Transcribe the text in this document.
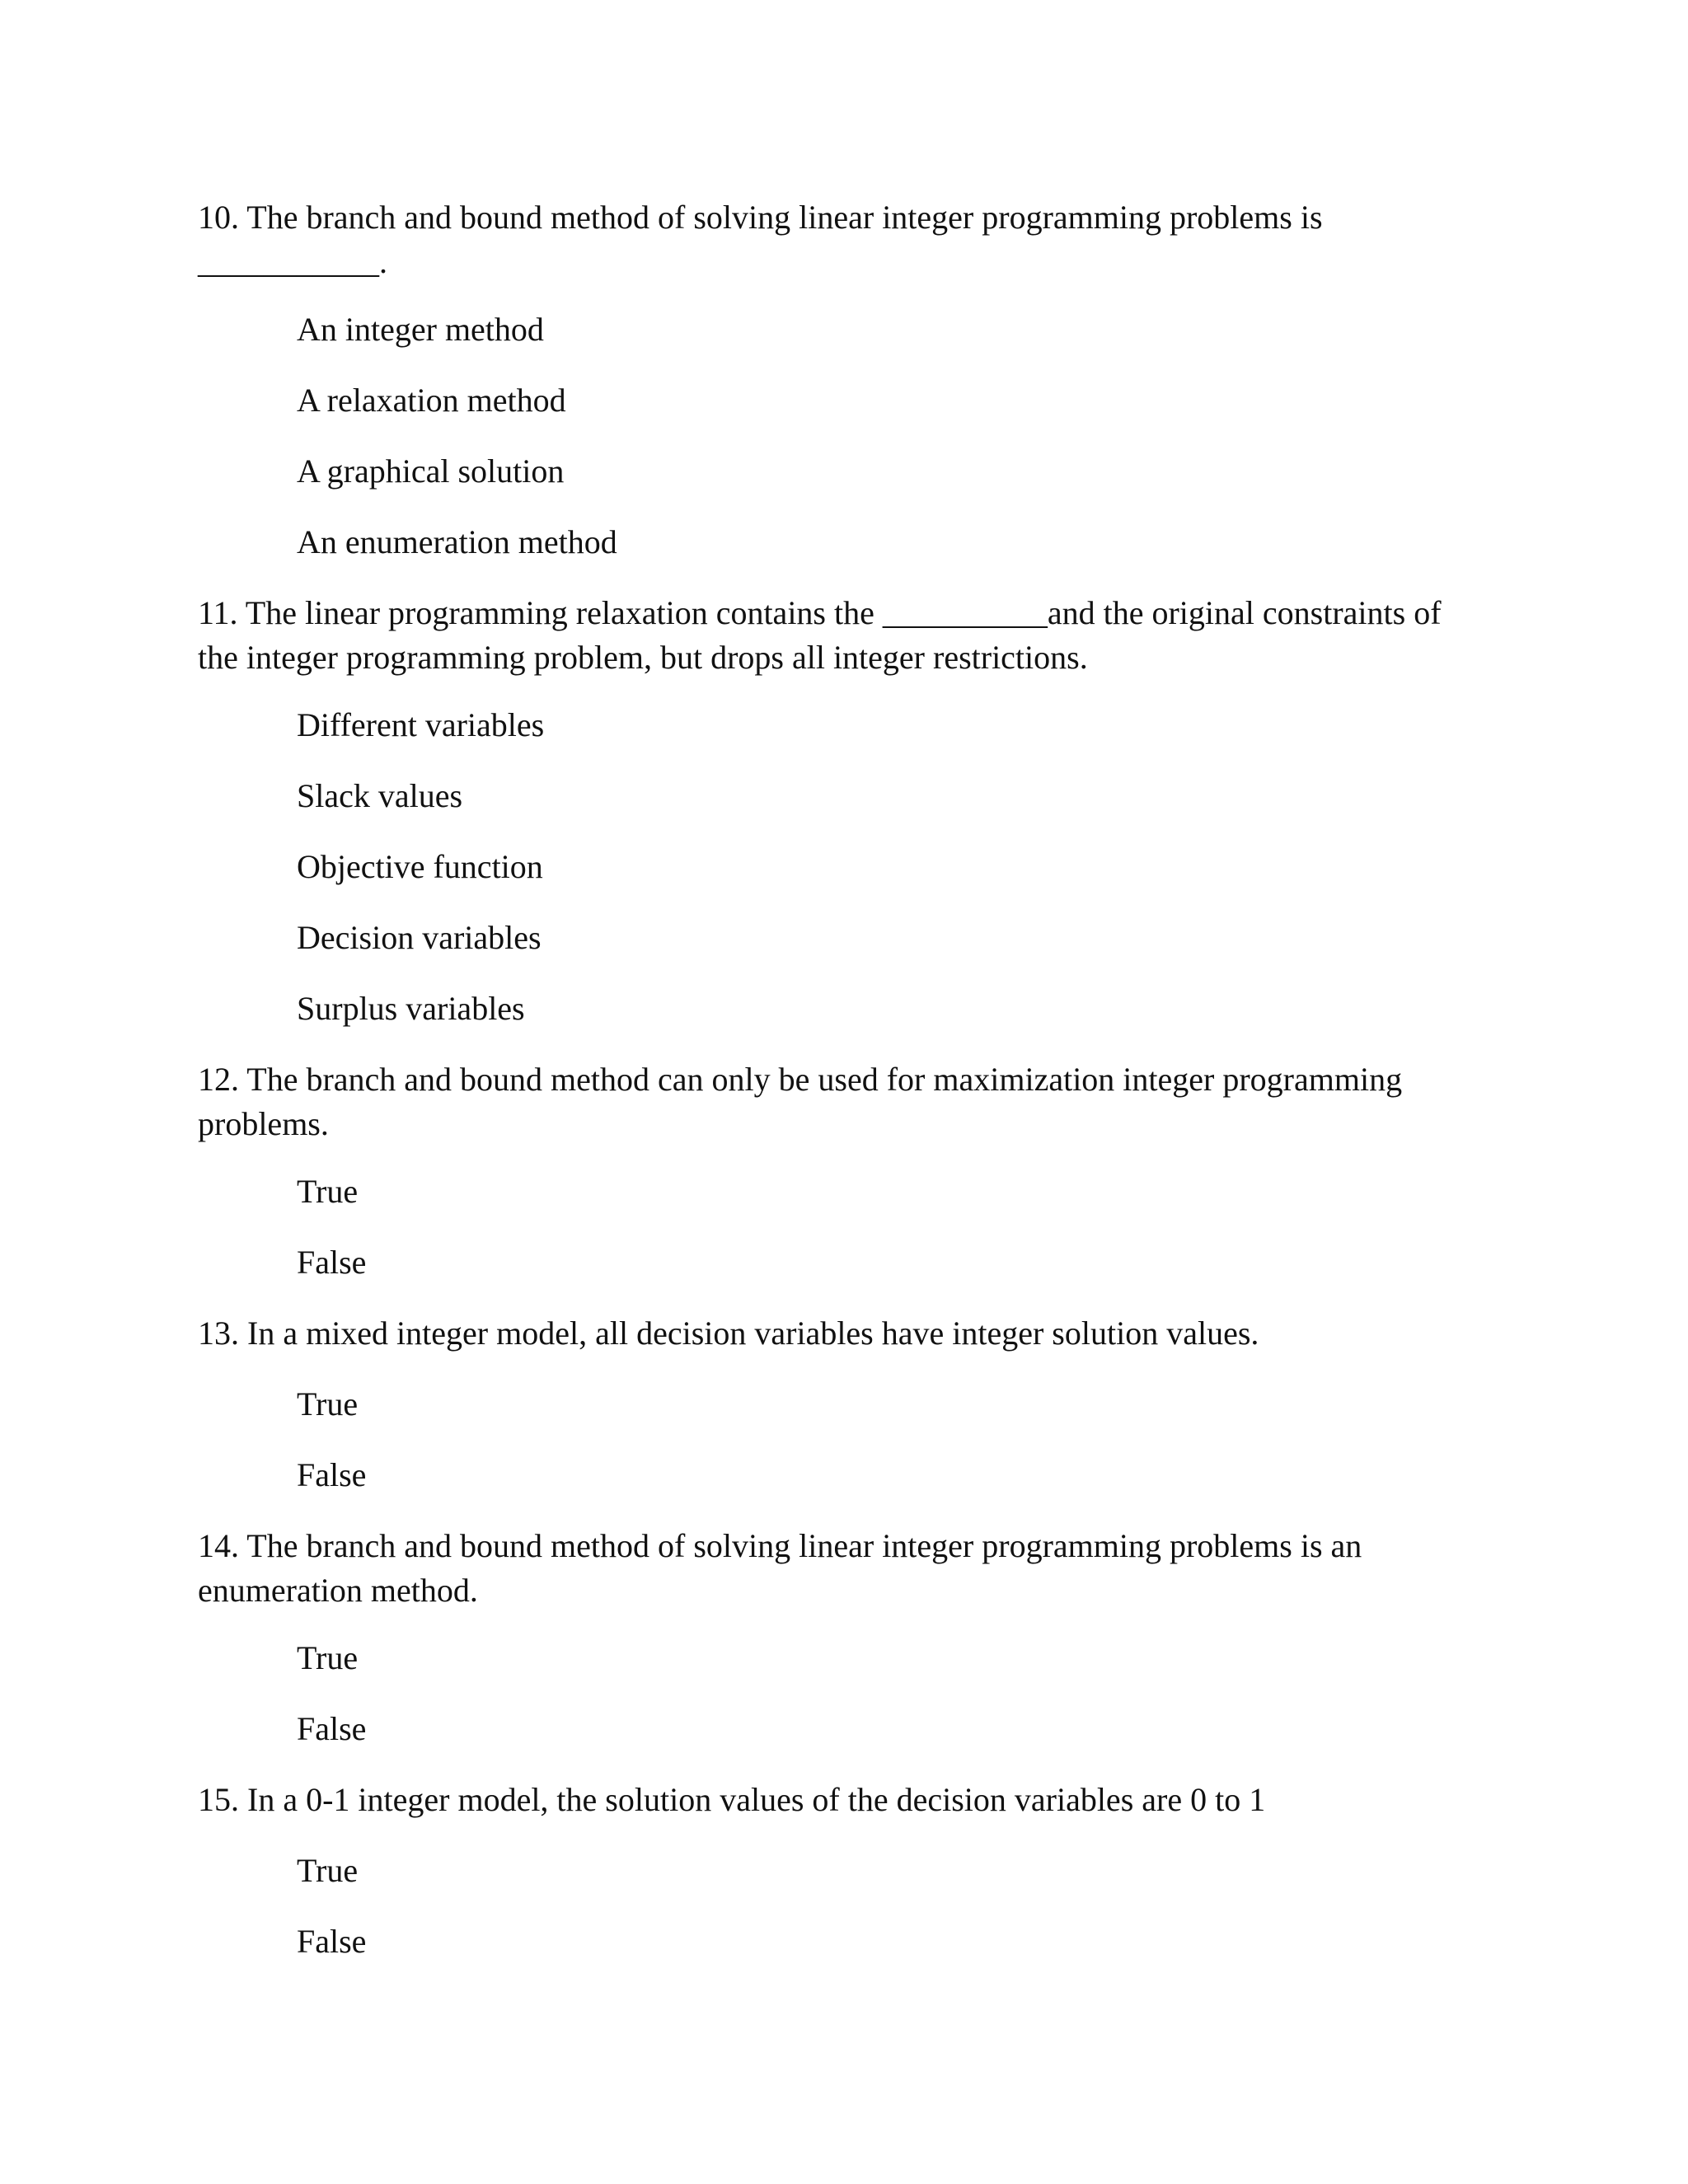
10. The branch and bound method of solving linear integer programming problems is ___________.

An integer method
A relaxation method
A graphical solution
An enumeration method

11. The linear programming relaxation contains the __________and the original constraints of the integer programming problem, but drops all integer restrictions.

Different variables
Slack values
Objective function
Decision variables
Surplus variables

12. The branch and bound method can only be used for maximization integer programming problems.

True
False

13. In a mixed integer model, all decision variables have integer solution values.

True
False

14. The branch and bound method of solving linear integer programming problems is an enumeration method.

True
False

15. In a 0-1 integer model, the solution values of the decision variables are 0 to 1

True
False
